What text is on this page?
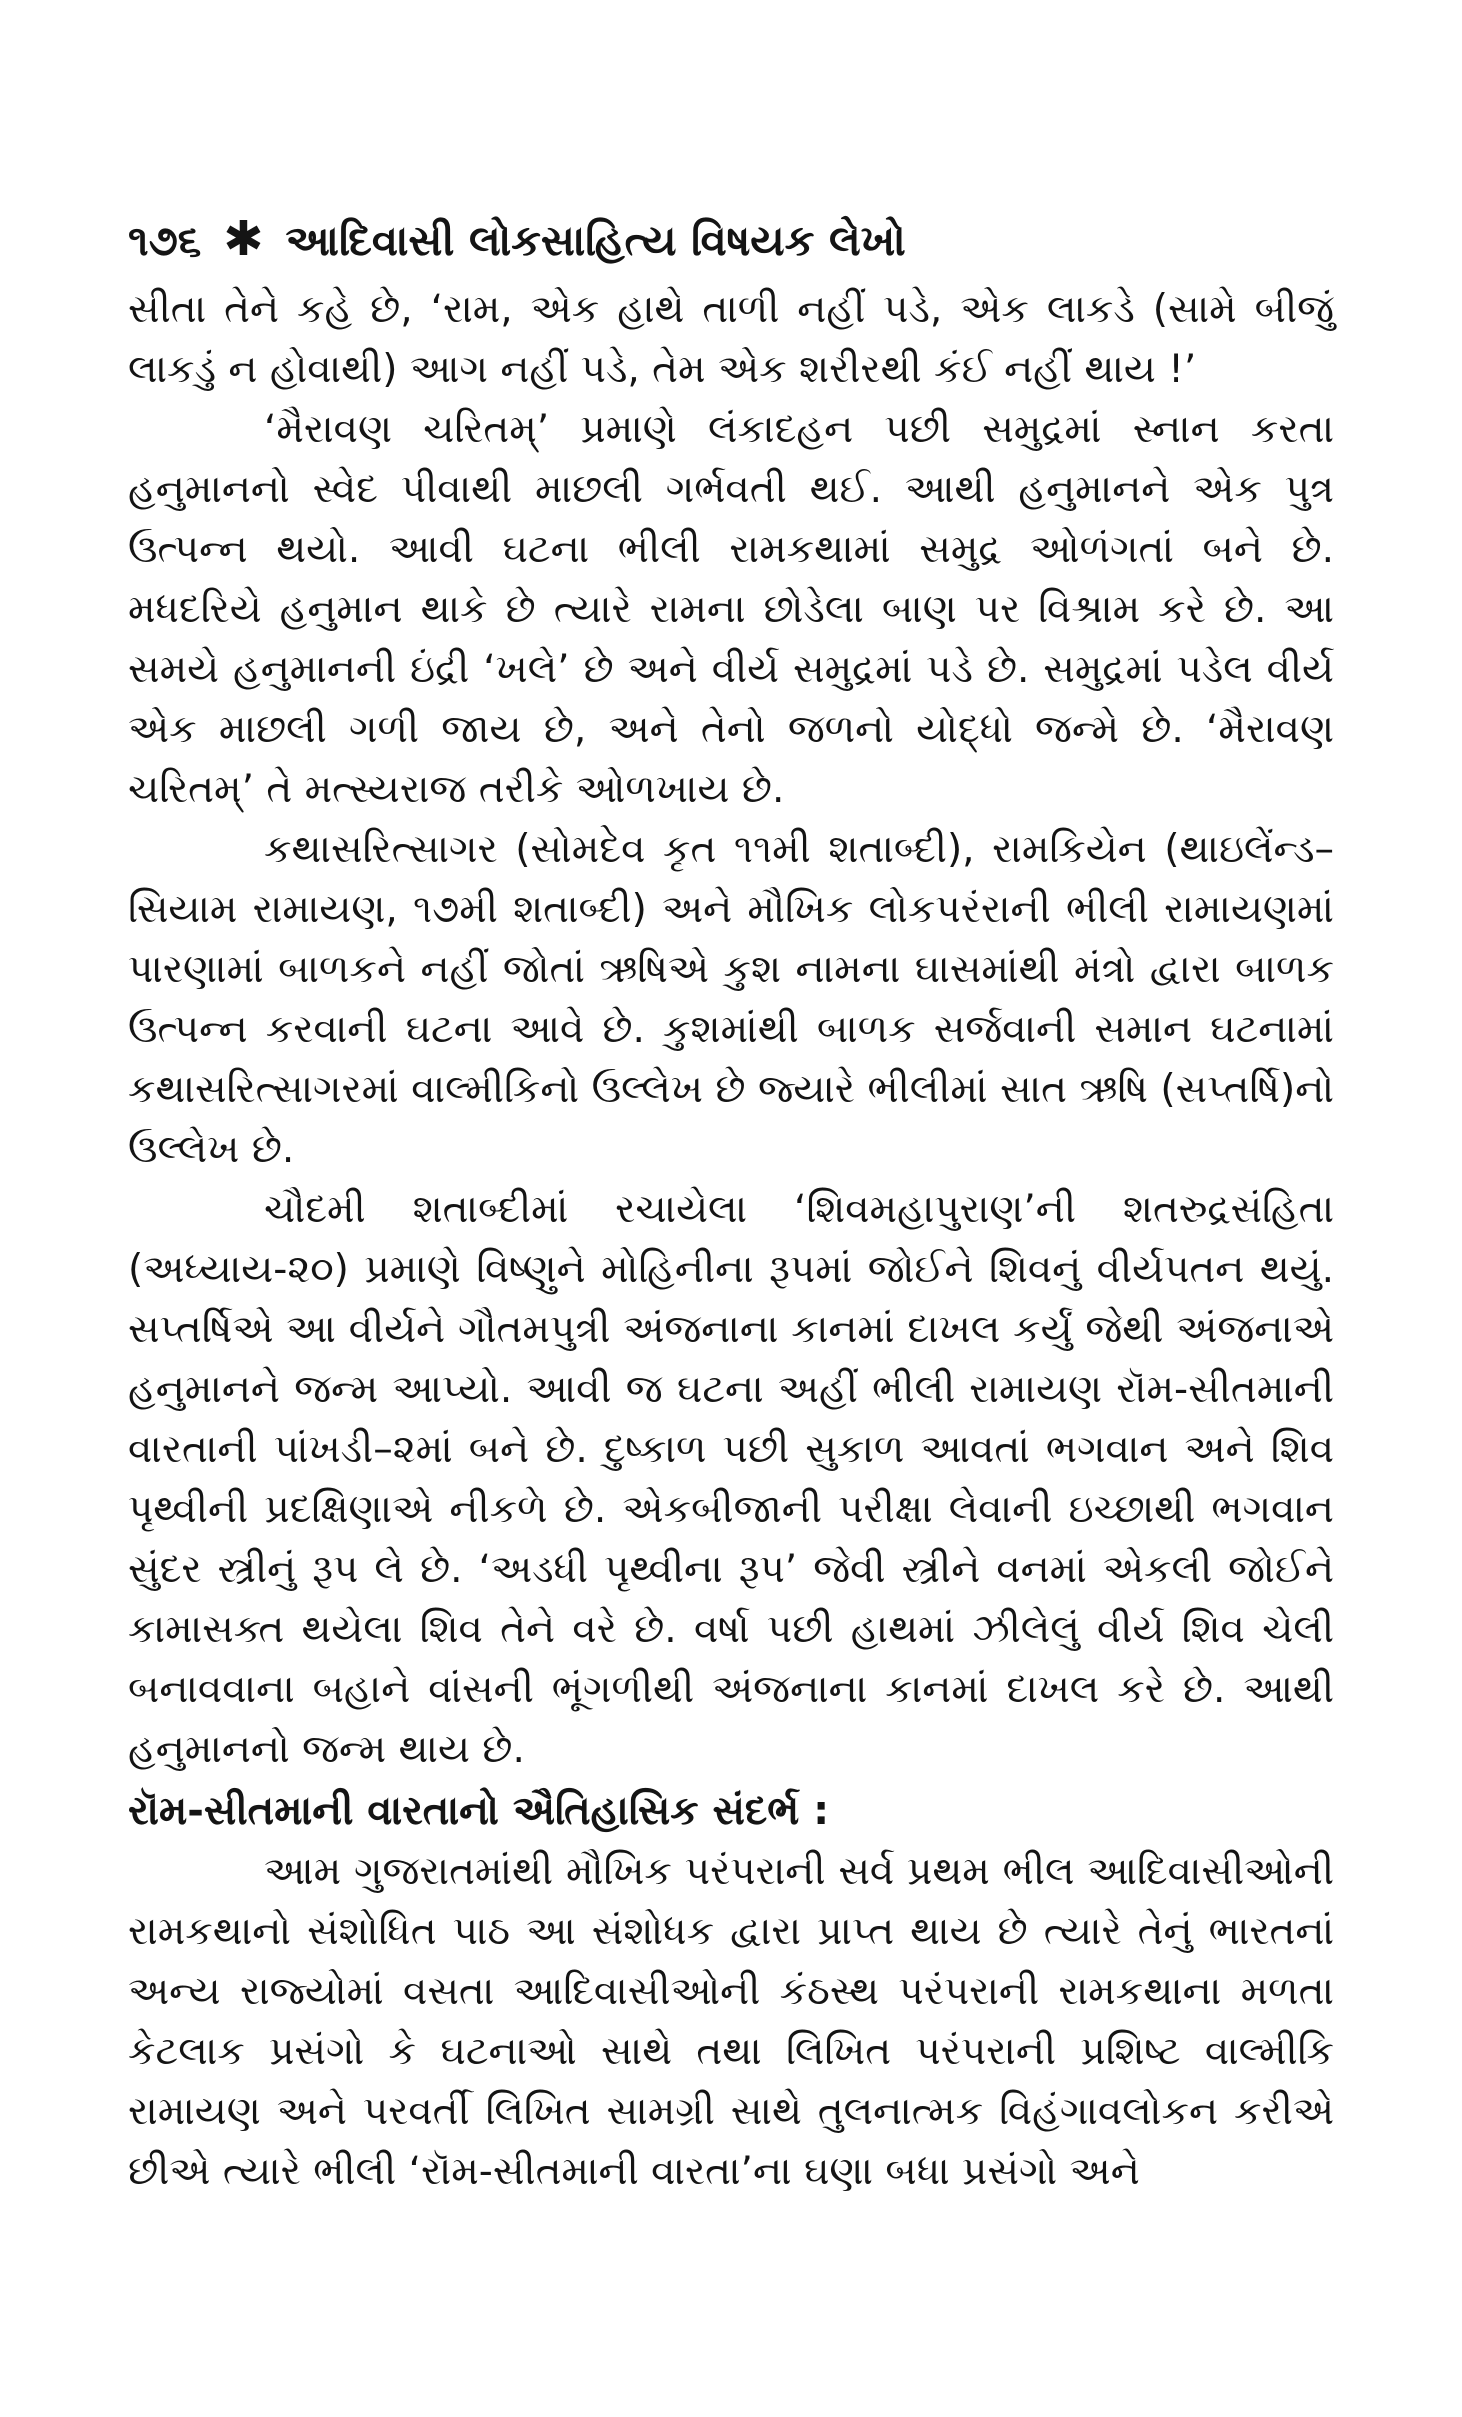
૧૭૬ ✱ આદિવાસી લોકસાહિત્ય વિષયક લેખો

સીતા તેને કહે છે, ‘રામ, એક હાથે તાળી નહીં પડે, એક લાકડે (સામે બીજું લાકડું ન હોવાથી) આગ નહીં પડે, તેમ એક શરીરથી કંઈ નહીં થાય !’

‘મૈરાવણ ચરિતમ્’ પ્રમાણે લંકાદહન પછી સમુદ્રમાં સ્નાન કરતા હનુમાનનો સ્વેદ પીવાથી માછલી ગર્ભવતી થઈ. આથી હનુમાનને એક પુત્ર ઉત્પન્ન થયો. આવી ઘટના ભીલી રામકથામાં સમુદ્ર ઓળંગતાં બને છે. મધદરિયે હનુમાન થાકે છે ત્યારે રામના છોડેલા બાણ પર વિશ્રામ કરે છે. આ સમયે હનુમાનની ઇંદ્રી ‘ખલે’ છે અને વીર્ય સમુદ્રમાં પડે છે. સમુદ્રમાં પડેલ વીર્ય એક માછલી ગળી જાય છે, અને તેનો જળનો યોદ્ધો જન્મે છે. ‘મૈરાવણ ચરિતમ્’ તે મત્સ્યરાજ તરીકે ઓળખાય છે.

કથાસરિત્સાગર (સોમદેવ કૃત ૧૧મી શતાબ્દી), રામકિયેન (થાઇલેંન્ડ–સિયામ રામાયણ, ૧૭મી શતાબ્દી) અને મૌખિક લોકપરંરાની ભીલી રામાયણમાં પારણામાં બાળકને નહીં જોતાં ઋષિએ કુશ નામના ઘાસમાંથી મંત્રો દ્વારા બાળક ઉત્પન્ન કરવાની ઘટના આવે છે. કુશમાંથી બાળક સર્જવાની સમાન ઘટનામાં કથાસરિત્સાગરમાં વાલ્મીકિનો ઉલ્લેખ છે જ્યારે ભીલીમાં સાત ઋષિ (સપ્તર્ષિ)નો ઉલ્લેખ છે.

ચૌદમી શતાબ્દીમાં રચાયેલા ‘શિવમહાપુરાણ’ની શતરુદ્રસંહિતા (અધ્યાય-૨૦) પ્રમાણે વિષ્ણુને મોહિનીના રૂપમાં જોઈને શિવનું વીર્યપતન થયું. સપ્તર્ષિએ આ વીર્યને ગૌતમપુત્રી અંજનાના કાનમાં દાખલ કર્યું જેથી અંજનાએ હનુમાનને જન્મ આપ્યો. આવી જ ઘટના અહીં ભીલી રામાયણ રૉમ-સીતમાની વારતાની પાંખડી–૨માં બને છે. દુષ્કાળ પછી સુકાળ આવતાં ભગવાન અને શિવ પૃથ્વીની પ્રદક્ષિણાએ નીકળે છે. એકબીજાની પરીક્ષા લેવાની ઇચ્છાથી ભગવાન સુંદર સ્ત્રીનું રૂપ લે છે. ‘અડધી પૃથ્વીના રૂપ’ જેવી સ્ત્રીને વનમાં એકલી જોઈને કામાસક્ત થયેલા શિવ તેને વરે છે. વર્ષા પછી હાથમાં ઝીલેલું વીર્ય શિવ ચેલી બનાવવાના બહાને વાંસની ભૂંગળીથી અંજનાના કાનમાં દાખલ કરે છે. આથી હનુમાનનો જન્મ થાય છે.

રૉમ-સીતમાની વારતાનો ઐતિહાસિક સંદર્ભ :

આમ ગુજરાતમાંથી મૌખિક પરંપરાની સર્વ પ્રથમ ભીલ આદિવાસીઓની રામકથાનો સંશોધિત પાઠ આ સંશોધક દ્વારા પ્રાપ્ત થાય છે ત્યારે તેનું ભારતનાં અન્ય રાજ્યોમાં વસતા આદિવાસીઓની કંઠસ્થ પરંપરાની રામકથાના મળતા કેટલાક પ્રસંગો કે ઘટનાઓ સાથે તથા લિખિત પરંપરાની પ્રશિષ્ટ વાલ્મીકિ રામાયણ અને પરવર્તી લિખિત સામગ્રી સાથે તુલનાત્મક વિહંગાવલોકન કરીએ છીએ ત્યારે ભીલી ‘રૉમ-સીતમાની વારતા’ના ઘણા બધા પ્રસંગો અને
